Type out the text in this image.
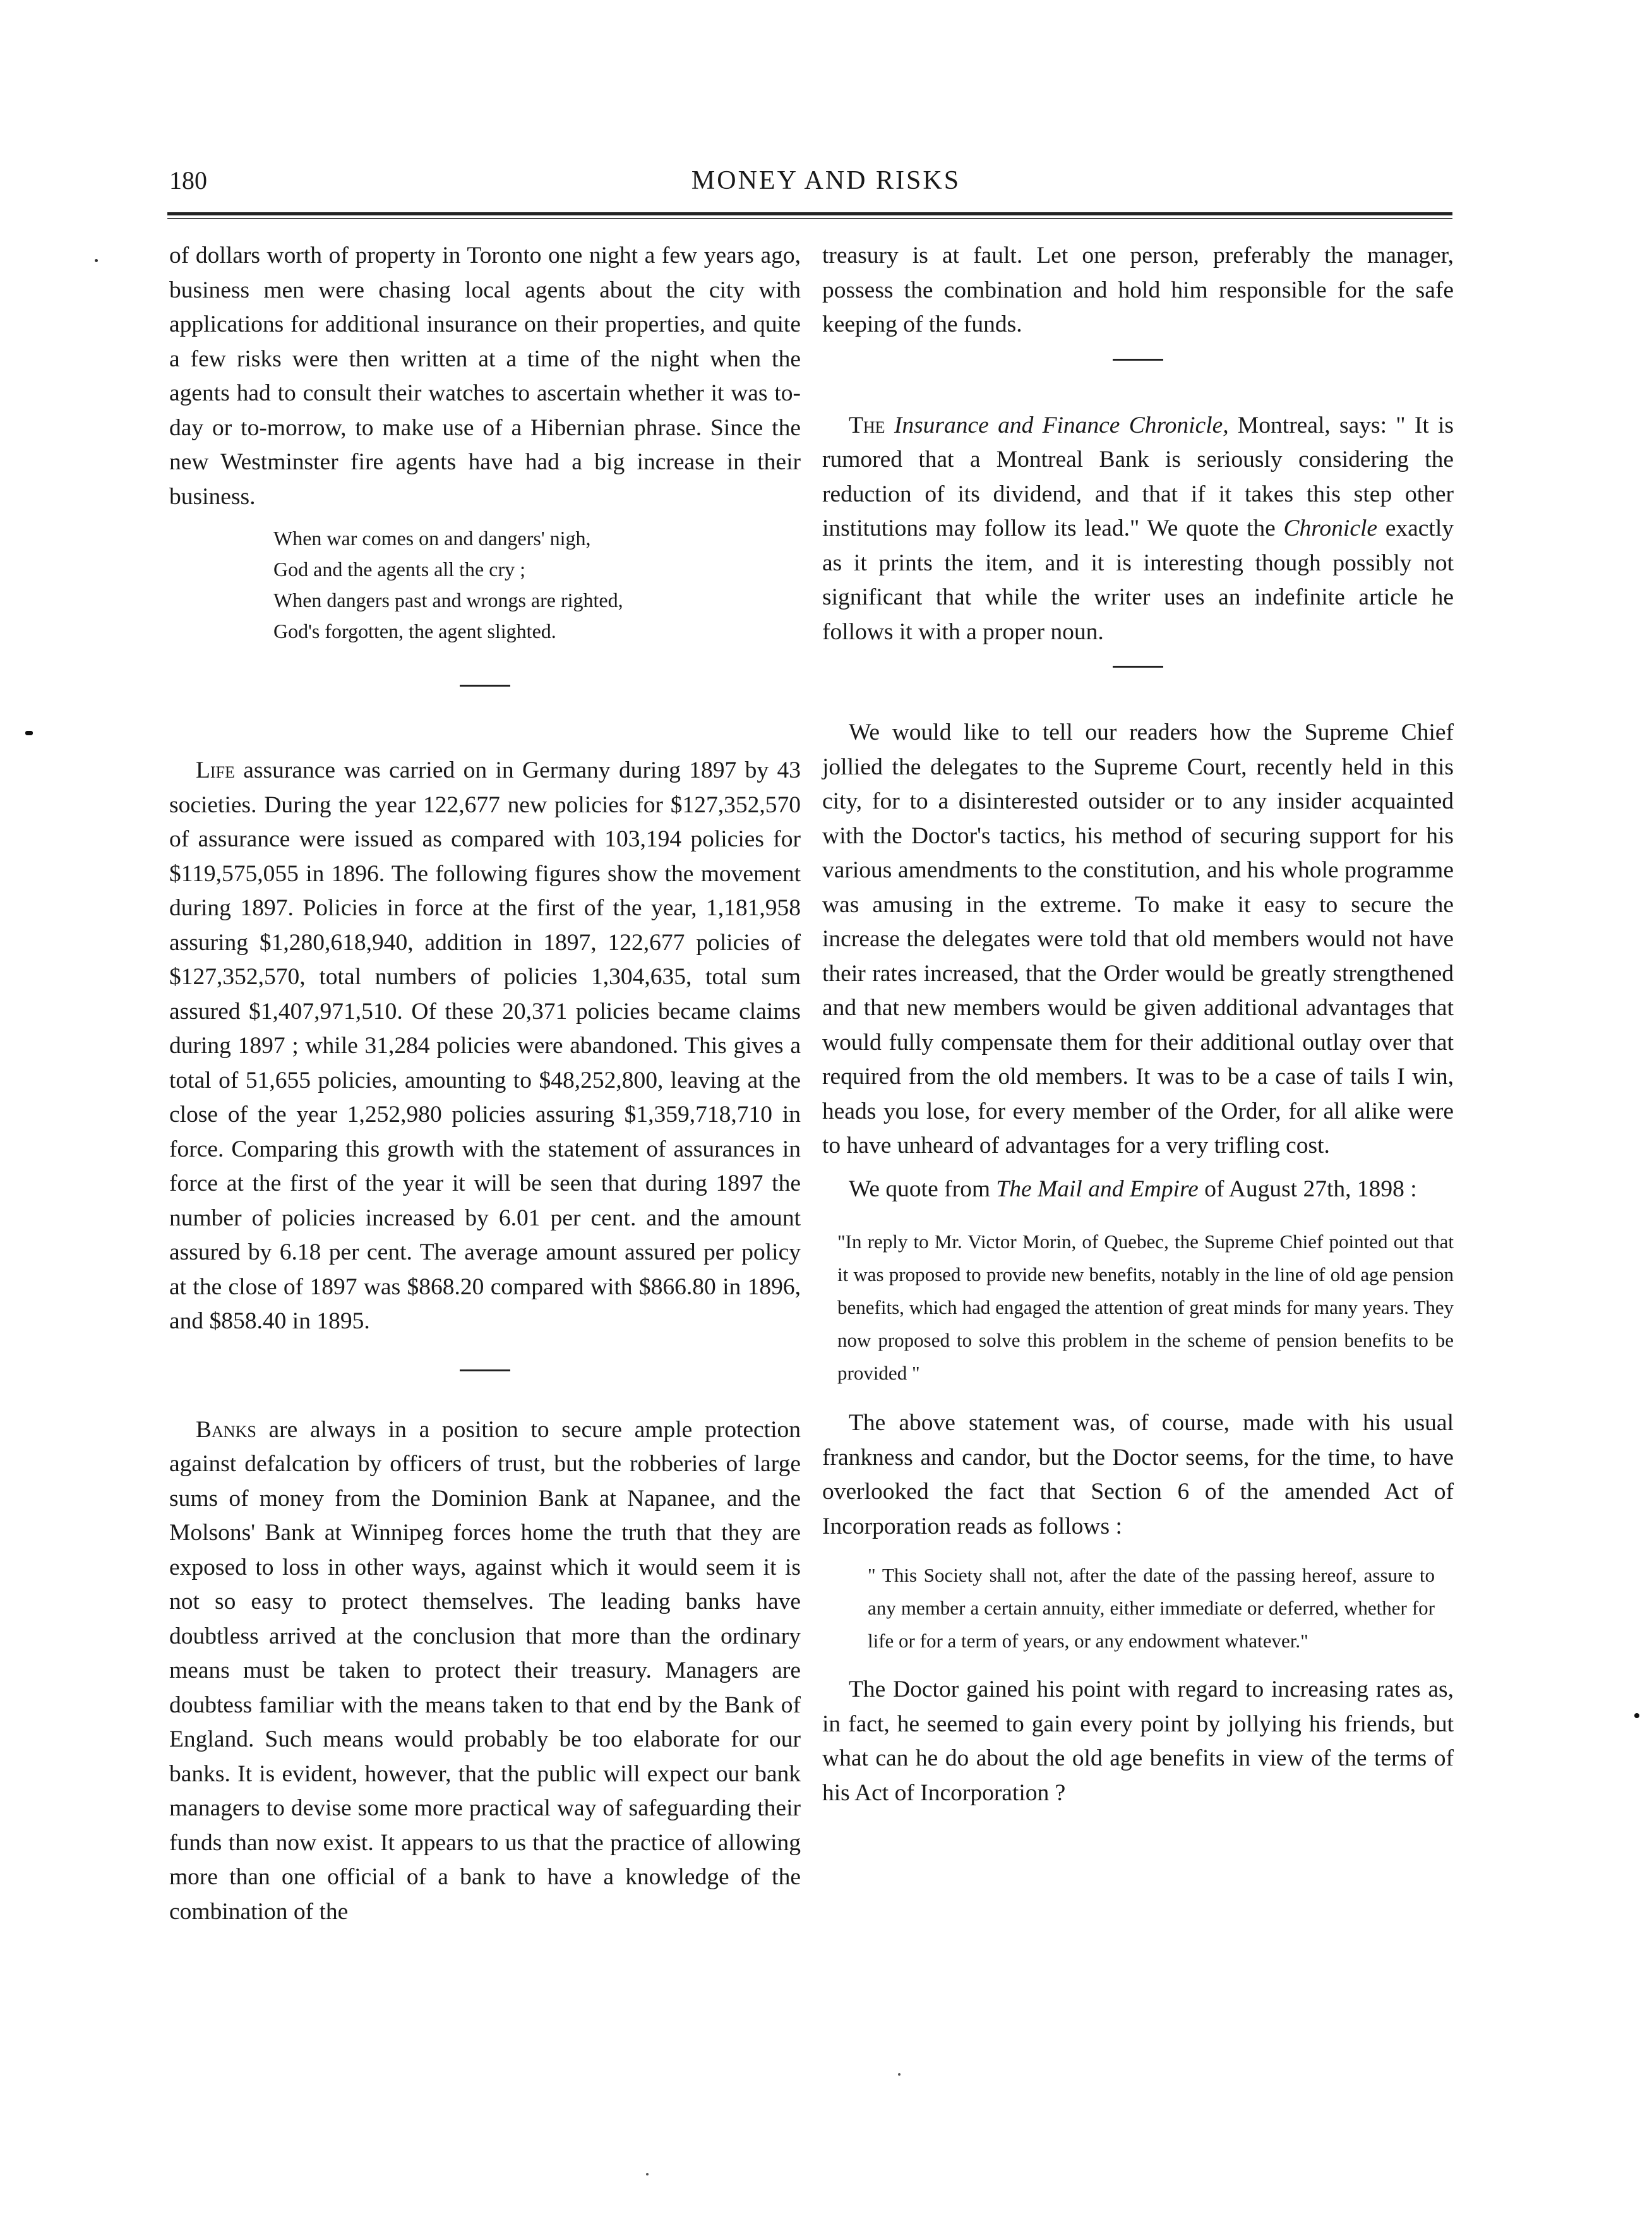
180	MONEY AND RISKS

of dollars worth of property in Toronto one night a few years ago, business men were chasing local agents about the city with applications for additional insurance on their properties, and quite a few risks were then written at a time of the night when the agents had to consult their watches to ascertain whether it was to-day or to-morrow, to make use of a Hibernian phrase. Since the new Westminster fire agents have had a big increase in their business.

When war comes on and dangers' nigh,
God and the agents all the cry ;
When dangers past and wrongs are righted,
God's forgotten, the agent slighted.

Life assurance was carried on in Germany during 1897 by 43 societies. During the year 122,677 new policies for $127,352,570 of assurance were issued as compared with 103,194 policies for $119,575,055 in 1896. The following figures show the movement during 1897. Policies in force at the first of the year, 1,181,958 assuring $1,280,618,940, addition in 1897, 122,677 policies of $127,352,570, total numbers of policies 1,304,635, total sum assured $1,407,971,510. Of these 20,371 policies became claims during 1897 ; while 31,284 policies were abandoned. This gives a total of 51,655 policies, amounting to $48,252,800, leaving at the close of the year 1,252,980 policies assuring $1,359,718,710 in force. Comparing this growth with the statement of assurances in force at the first of the year it will be seen that during 1897 the number of policies increased by 6.01 per cent. and the amount assured by 6.18 per cent. The average amount assured per policy at the close of 1897 was $868.20 compared with $866.80 in 1896, and $858.40 in 1895.

Banks are always in a position to secure ample protection against defalcation by officers of trust, but the robberies of large sums of money from the Dominion Bank at Napanee, and the Molsons' Bank at Winnipeg forces home the truth that they are exposed to loss in other ways, against which it would seem it is not so easy to protect themselves. The leading banks have doubtless arrived at the conclusion that more than the ordinary means must be taken to protect their treasury. Managers are doubtess familiar with the means taken to that end by the Bank of England. Such means would probably be too elaborate for our banks. It is evident, however, that the public will expect our bank managers to devise some more practical way of safeguarding their funds than now exist. It appears to us that the practice of allowing more than one official of a bank to have a knowledge of the combination of the

treasury is at fault. Let one person, preferably the manager, possess the combination and hold him responsible for the safe keeping of the funds.

The Insurance and Finance Chronicle, Montreal, says: " It is rumored that a Montreal Bank is seriously considering the reduction of its dividend, and that if it takes this step other institutions may follow its lead." We quote the Chronicle exactly as it prints the item, and it is interesting though possibly not significant that while the writer uses an indefinite article he follows it with a proper noun.

We would like to tell our readers how the Supreme Chief jollied the delegates to the Supreme Court, recently held in this city, for to a disinterested outsider or to any insider acquainted with the Doctor's tactics, his method of securing support for his various amendments to the constitution, and his whole programme was amusing in the extreme. To make it easy to secure the increase the delegates were told that old members would not have their rates increased, that the Order would be greatly strengthened and that new members would be given additional advantages that would fully compensate them for their additional outlay over that required from the old members. It was to be a case of tails I win, heads you lose, for every member of the Order, for all alike were to have unheard of advantages for a very trifling cost.

We quote from The Mail and Empire of August 27th, 1898 :

"In reply to Mr. Victor Morin, of Quebec, the Supreme Chief pointed out that it was proposed to provide new benefits, notably in the line of old age pension benefits, which had engaged the attention of great minds for many years. They now proposed to solve this problem in the scheme of pension benefits to be provided "

The above statement was, of course, made with his usual frankness and candor, but the Doctor seems, for the time, to have overlooked the fact that Section 6 of the amended Act of Incorporation reads as follows :

" This Society shall not, after the date of the passing hereof, assure to any member a certain annuity, either immediate or deferred, whether for life or for a term of years, or any endowment whatever."

The Doctor gained his point with regard to increasing rates as, in fact, he seemed to gain every point by jollying his friends, but what can he do about the old age benefits in view of the terms of his Act of Incorporation ?
